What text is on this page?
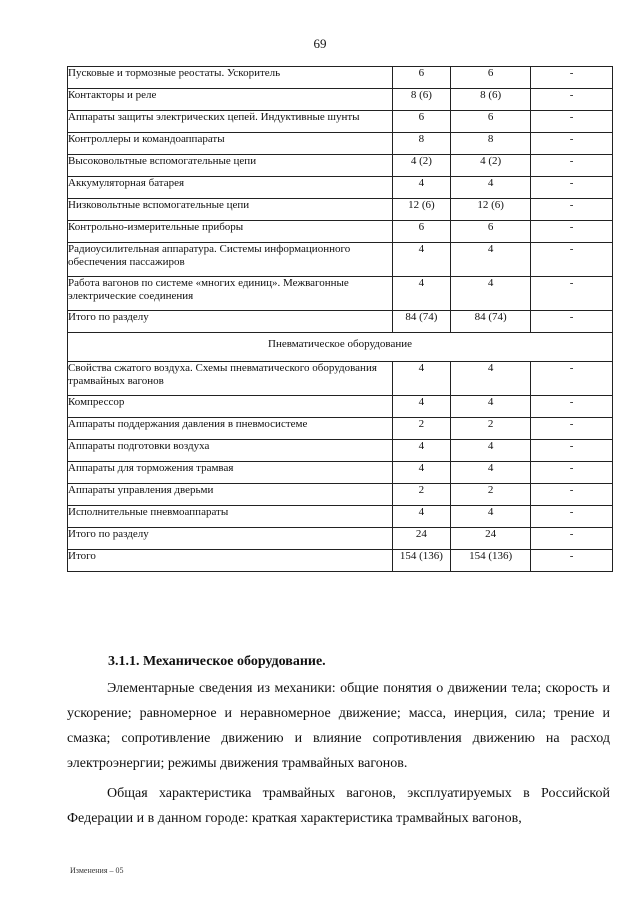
69
Пусковые и тормозные реостаты. Ускоритель	6	6	-
Контакторы и реле	8 (6)	8 (6)	-
Аппараты защиты электрических цепей. Индуктивные шунты	6	6	-
Контроллеры и командоаппараты	8	8	-
Высоковольтные вспомогательные цепи	4 (2)	4 (2)	-
Аккумуляторная батарея	4	4	-
Низковольтные вспомогательные цепи	12 (6)	12 (6)	-
Контрольно-измерительные приборы	6	6	-
Радиоусилительная аппаратура. Системы информационного обеспечения пассажиров	4	4	-
Работа вагонов по системе «многих единиц». Межвагонные электрические соединения	4	4	-
Итого по разделу	84 (74)	84 (74)	-
Пневматическое оборудование			
Свойства сжатого воздуха. Схемы пневматического оборудования трамвайных вагонов	4	4	-
Компрессор	4	4	-
Аппараты поддержания давления в пневмосистеме	2	2	-
Аппараты подготовки воздуха	4	4	-
Аппараты для торможения трамвая	4	4	-
Аппараты управления дверьми	2	2	-
Исполнительные пневмоаппараты	4	4	-
Итого по разделу	24	24	-
Итого	154 (136)	154 (136)	-
3.1.1. Механическое оборудование.
Элементарные сведения из механики: общие понятия о движении тела; скорость и ускорение; равномерное и неравномерное движение; масса, инерция, сила; трение и смазка; сопротивление движению и влияние сопротивления движению на расход электроэнергии; режимы движения трамвайных вагонов.
Общая характеристика трамвайных вагонов, эксплуатируемых в Российской Федерации и в данном городе: краткая характеристика трамвайных вагонов,
Изменения – 05
